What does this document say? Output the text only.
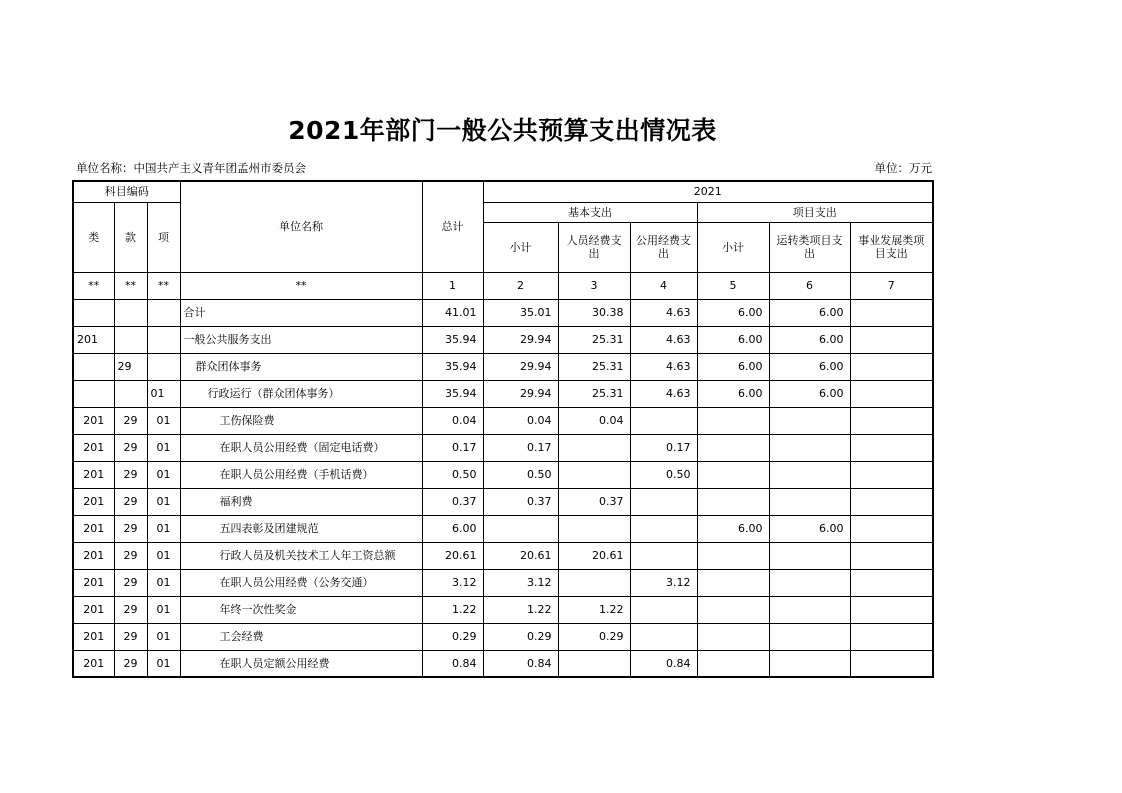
2021年部门一般公共预算支出情况表
单位名称：中国共产主义青年团孟州市委员会	单位：万元
科目编码			单位名称	总计	2021					
类	款	项			基本支出			项目支出		
					小计	人员经费支出	公用经费支出	小计	运转类项目支出	事业发展类项目支出
**	**	**	**	1	2	3	4	5	6	7
			合计	41.01	35.01	30.38	4.63	6.00	6.00	
201			一般公共服务支出	35.94	29.94	25.31	4.63	6.00	6.00	
	29		群众团体事务	35.94	29.94	25.31	4.63	6.00	6.00	
		01	行政运行（群众团体事务）	35.94	29.94	25.31	4.63	6.00	6.00	
201	29	01	工伤保险费	0.04	0.04	0.04				
201	29	01	在职人员公用经费（固定电话费）	0.17	0.17		0.17			
201	29	01	在职人员公用经费（手机话费）	0.50	0.50		0.50			
201	29	01	福利费	0.37	0.37	0.37				
201	29	01	五四表彰及团建规范	6.00				6.00	6.00	
201	29	01	行政人员及机关技术工人年工资总额	20.61	20.61	20.61				
201	29	01	在职人员公用经费（公务交通）	3.12	3.12		3.12			
201	29	01	年终一次性奖金	1.22	1.22	1.22				
201	29	01	工会经费	0.29	0.29	0.29				
201	29	01	在职人员定额公用经费	0.84	0.84		0.84			
